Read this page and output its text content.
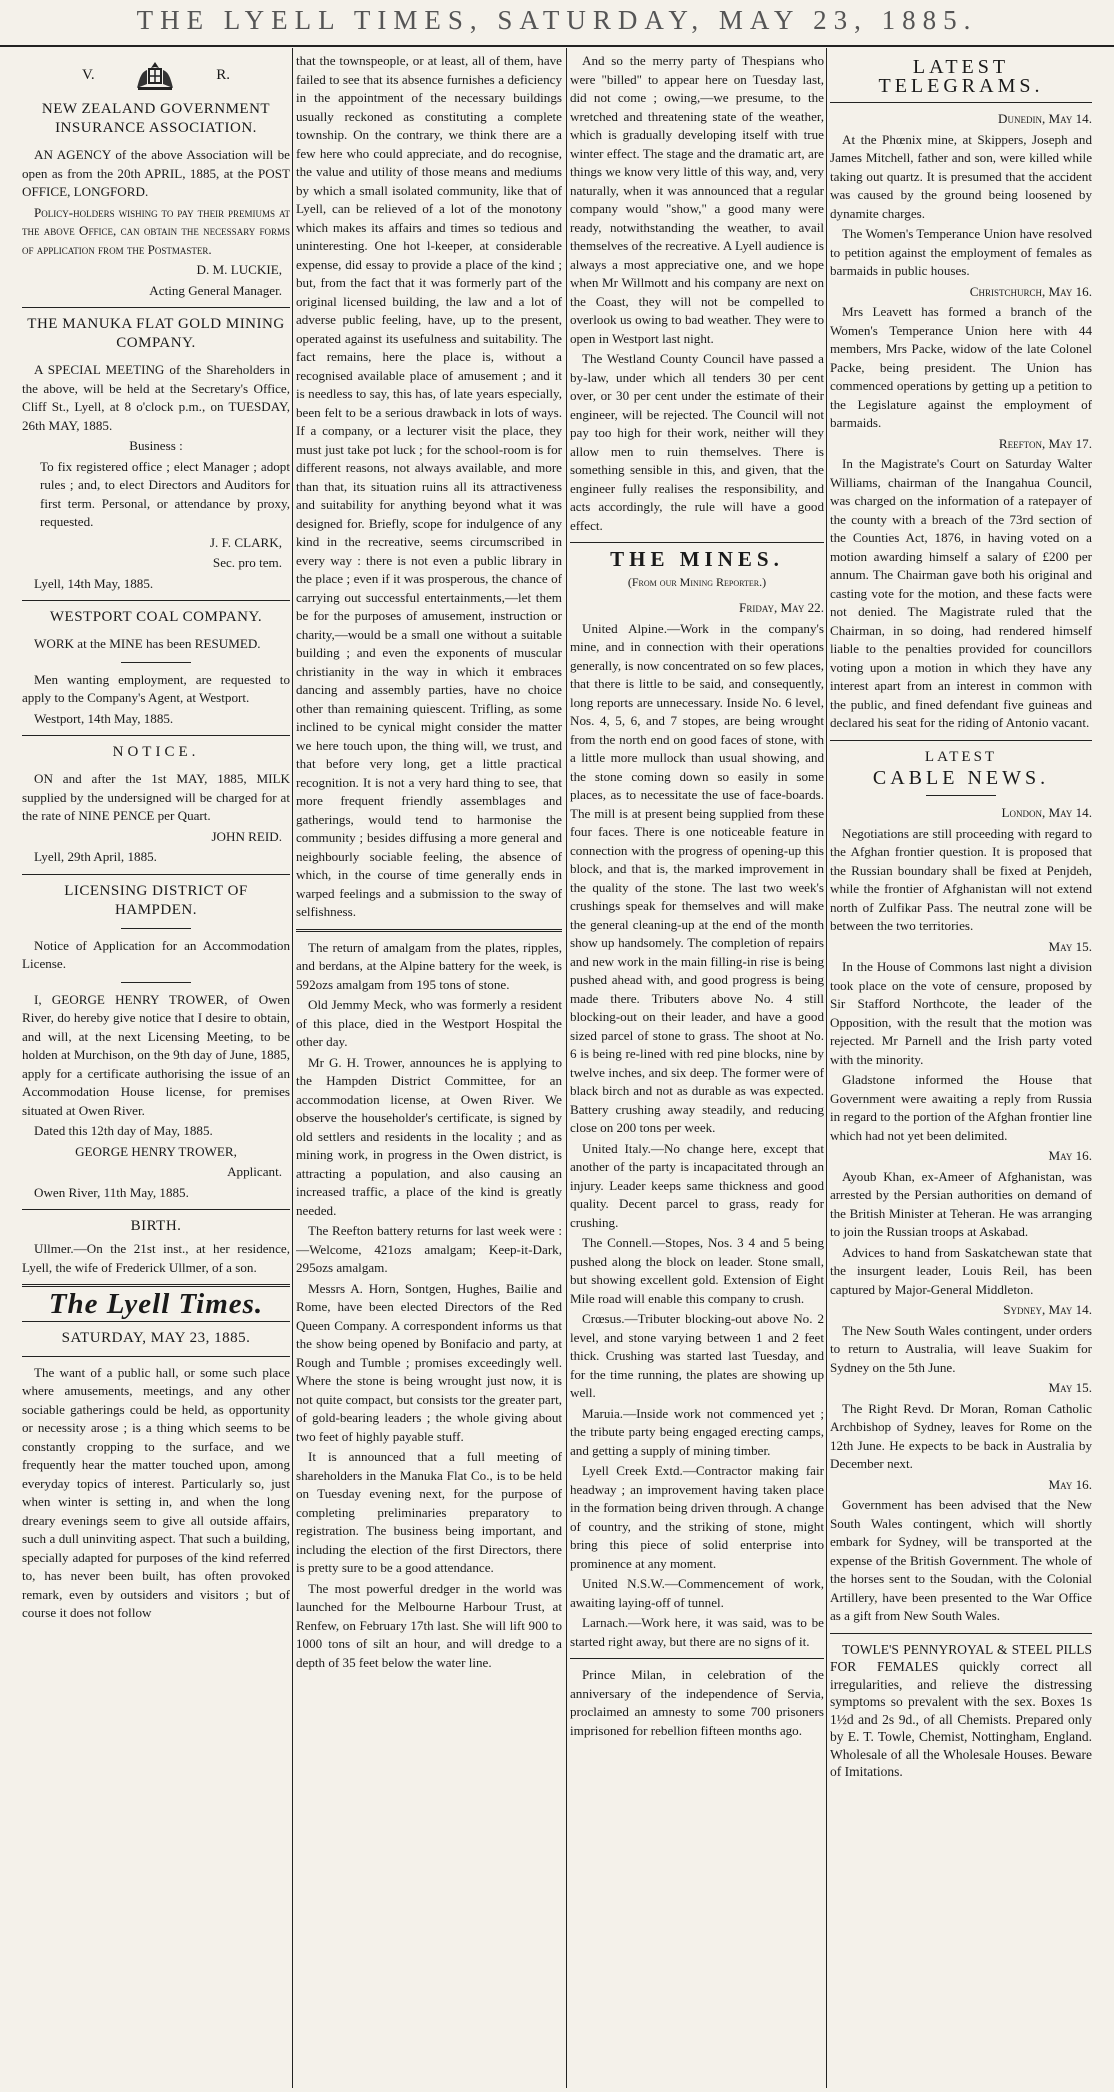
THE LYELL TIMES, SATURDAY, MAY 23, 1885.
V.	R.
NEW ZEALAND GOVERNMENT INSURANCE ASSOCIATION.

AN AGENCY of the above Association will be open as from the 20th APRIL, 1885, at the POST OFFICE, LONGFORD.

Policy-holders wishing to pay their premiums at the above Office, can obtain the necessary forms of application from the Postmaster.

D. M. LUCKIE,

Acting General Manager.

THE MANUKA FLAT GOLD MINING COMPANY.

A SPECIAL MEETING of the Shareholders in the above, will be held at the Secretary's Office, Cliff St., Lyell, at 8 o'clock p.m., on TUESDAY, 26th MAY, 1885.

Business :

To fix registered office ; elect Manager ; adopt rules ; and, to elect Directors and Auditors for first term. Personal, or attendance by proxy, requested.

J. F. CLARK,

Sec. pro tem.

Lyell, 14th May, 1885.

WESTPORT COAL COMPANY.

WORK at the MINE has been RESUMED.

Men wanting employment, are requested to apply to the Company's Agent, at Westport.

Westport, 14th May, 1885.

NOTICE.

ON and after the 1st MAY, 1885, MILK supplied by the undersigned will be charged for at the rate of NINE PENCE per Quart.

JOHN REID.

Lyell, 29th April, 1885.

LICENSING DISTRICT OF HAMPDEN.

Notice of Application for an Accommodation License.

I, GEORGE HENRY TROWER, of Owen River, do hereby give notice that I desire to obtain, and will, at the next Licensing Meeting, to be holden at Murchison, on the 9th day of June, 1885, apply for a certificate authorising the issue of an Accommodation House license, for premises situated at Owen River.

Dated this 12th day of May, 1885.

GEORGE HENRY TROWER,

Applicant.

Owen River, 11th May, 1885.

BIRTH.

Ullmer.—On the 21st inst., at her residence, Lyell, the wife of Frederick Ullmer, of a son.

The Lyell Times.
SATURDAY, MAY 23, 1885.

The want of a public hall, or some such place where amusements, meetings, and any other sociable gatherings could be held, as opportunity or necessity arose ; is a thing which seems to be constantly cropping to the surface, and we frequently hear the matter touched upon, among everyday topics of interest. Particularly so, just when winter is setting in, and when the long dreary evenings seem to give all outside affairs, such a dull uninviting aspect. That such a building, specially adapted for purposes of the kind referred to, has never been built, has often provoked remark, even by outsiders and visitors ; but of course it does not follow

that the townspeople, or at least, all of them, have failed to see that its absence furnishes a deficiency in the appointment of the necessary buildings usually reckoned as constituting a complete township. On the contrary, we think there are a few here who could appreciate, and do recognise, the value and utility of those means and mediums by which a small isolated community, like that of Lyell, can be relieved of a lot of the monotony which makes its affairs and times so tedious and uninteresting. One hot l-keeper, at considerable expense, did essay to provide a place of the kind ; but, from the fact that it was formerly part of the original licensed building, the law and a lot of adverse public feeling, have, up to the present, operated against its usefulness and suitability. The fact remains, here the place is, without a recognised available place of amusement ; and it is needless to say, this has, of late years especially, been felt to be a serious drawback in lots of ways. If a company, or a lecturer visit the place, they must just take pot luck ; for the school-room is for different reasons, not always available, and more than that, its situation ruins all its attractiveness and suitability for anything beyond what it was designed for. Briefly, scope for indulgence of any kind in the recreative, seems circumscribed in every way : there is not even a public library in the place ; even if it was prosperous, the chance of carrying out successful entertainments,—let them be for the purposes of amusement, instruction or charity,—would be a small one without a suitable building ; and even the exponents of muscular christianity in the way in which it embraces dancing and assembly parties, have no choice other than remaining quiescent. Trifling, as some inclined to be cynical might consider the matter we here touch upon, the thing will, we trust, and that before very long, get a little practical recognition. It is not a very hard thing to see, that more frequent friendly assemblages and gatherings, would tend to harmonise the community ; besides diffusing a more general and neighbourly sociable feeling, the absence of which, in the course of time generally ends in warped feelings and a submission to the sway of selfishness.

The return of amalgam from the plates, ripples, and berdans, at the Alpine battery for the week, is 592ozs amalgam from 195 tons of stone.

Old Jemmy Meck, who was formerly a resident of this place, died in the Westport Hospital the other day.

Mr G. H. Trower, announces he is applying to the Hampden District Committee, for an accommodation license, at Owen River. We observe the householder's certificate, is signed by old settlers and residents in the locality ; and as mining work, in progress in the Owen district, is attracting a population, and also causing an increased traffic, a place of the kind is greatly needed.

The Reefton battery returns for last week were :—Welcome, 421ozs amalgam; Keep-it-Dark, 295ozs amalgam.

Messrs A. Horn, Sontgen, Hughes, Bailie and Rome, have been elected Directors of the Red Queen Company. A correspondent informs us that the show being opened by Bonifacio and party, at Rough and Tumble ; promises exceedingly well. Where the stone is being wrought just now, it is not quite compact, but consists tor the greater part, of gold-bearing leaders ; the whole giving about two feet of highly payable stuff.

It is announced that a full meeting of shareholders in the Manuka Flat Co., is to be held on Tuesday evening next, for the purpose of completing preliminaries preparatory to registration. The business being important, and including the election of the first Directors, there is pretty sure to be a good attendance.

The most powerful dredger in the world was launched for the Melbourne Harbour Trust, at Renfew, on February 17th last. She will lift 900 to 1000 tons of silt an hour, and will dredge to a depth of 35 feet below the water line.

And so the merry party of Thespians who were "billed" to appear here on Tuesday last, did not come ; owing,—we presume, to the wretched and threatening state of the weather, which is gradually developing itself with true winter effect. The stage and the dramatic art, are things we know very little of this way, and, very naturally, when it was announced that a regular company would "show," a good many were ready, notwithstanding the weather, to avail themselves of the recreative. A Lyell audience is always a most appreciative one, and we hope when Mr Willmott and his company are next on the Coast, they will not be compelled to overlook us owing to bad weather. They were to open in Westport last night.

The Westland County Council have passed a by-law, under which all tenders 30 per cent over, or 30 per cent under the estimate of their engineer, will be rejected. The Council will not pay too high for their work, neither will they allow men to ruin themselves. There is something sensible in this, and given, that the engineer fully realises the responsibility, and acts accordingly, the rule will have a good effect.

THE MINES.
(From our Mining Reporter.)

Friday, May 22.

United Alpine.—Work in the company's mine, and in connection with their operations generally, is now concentrated on so few places, that there is little to be said, and consequently, long reports are unnecessary. Inside No. 6 level, Nos. 4, 5, 6, and 7 stopes, are being wrought from the north end on good faces of stone, with a little more mullock than usual showing, and the stone coming down so easily in some places, as to necessitate the use of face-boards. The mill is at present being supplied from these four faces. There is one noticeable feature in connection with the progress of opening-up this block, and that is, the marked improvement in the quality of the stone. The last two week's crushings speak for themselves and will make the general cleaning-up at the end of the month show up handsomely. The completion of repairs and new work in the main filling-in rise is being pushed ahead with, and good progress is being made there. Tributers above No. 4 still blocking-out on their leader, and have a good sized parcel of stone to grass. The shoot at No. 6 is being re-lined with red pine blocks, nine by twelve inches, and six deep. The former were of black birch and not as durable as was expected. Battery crushing away steadily, and reducing close on 200 tons per week.

United Italy.—No change here, except that another of the party is incapacitated through an injury. Leader keeps same thickness and good quality. Decent parcel to grass, ready for crushing.

The Connell.—Stopes, Nos. 3 4 and 5 being pushed along the block on leader. Stone small, but showing excellent gold. Extension of Eight Mile road will enable this company to crush.

Crœsus.—Tributer blocking-out above No. 2 level, and stone varying between 1 and 2 feet thick. Crushing was started last Tuesday, and for the time running, the plates are showing up well.

Maruia.—Inside work not commenced yet ; the tribute party being engaged erecting camps, and getting a supply of mining timber.

Lyell Creek Extd.—Contractor making fair headway ; an improvement having taken place in the formation being driven through. A change of country, and the striking of stone, might bring this piece of solid enterprise into prominence at any moment.

United N.S.W.—Commencement of work, awaiting laying-off of tunnel.

Larnach.—Work here, it was said, was to be started right away, but there are no signs of it.

Prince Milan, in celebration of the anniversary of the independence of Servia, proclaimed an amnesty to some 700 prisoners imprisoned for rebellion fifteen months ago.

LATEST TELEGRAMS.

Dunedin, May 14.

At the Phœnix mine, at Skippers, Joseph and James Mitchell, father and son, were killed while taking out quartz. It is presumed that the accident was caused by the ground being loosened by dynamite charges.

The Women's Temperance Union have resolved to petition against the employment of females as barmaids in public houses.

Christchurch, May 16.

Mrs Leavett has formed a branch of the Women's Temperance Union here with 44 members, Mrs Packe, widow of the late Colonel Packe, being president. The Union has commenced operations by getting up a petition to the Legislature against the employment of barmaids.

Reefton, May 17.

In the Magistrate's Court on Saturday Walter Williams, chairman of the Inangahua Council, was charged on the information of a ratepayer of the county with a breach of the 73rd section of the Counties Act, 1876, in having voted on a motion awarding himself a salary of £200 per annum. The Chairman gave both his original and casting vote for the motion, and these facts were not denied. The Magistrate ruled that the Chairman, in so doing, had rendered himself liable to the penalties provided for councillors voting upon a motion in which they have any interest apart from an interest in common with the public, and fined defendant five guineas and declared his seat for the riding of Antonio vacant.

LATEST
CABLE NEWS.

London, May 14.

Negotiations are still proceeding with regard to the Afghan frontier question. It is proposed that the Russian boundary shall be fixed at Penjdeh, while the frontier of Afghanistan will not extend north of Zulfikar Pass. The neutral zone will be between the two territories.

May 15.

In the House of Commons last night a division took place on the vote of censure, proposed by Sir Stafford Northcote, the leader of the Opposition, with the result that the motion was rejected. Mr Parnell and the Irish party voted with the minority.

Gladstone informed the House that Government were awaiting a reply from Russia in regard to the portion of the Afghan frontier line which had not yet been delimited.

May 16.

Ayoub Khan, ex-Ameer of Afghanistan, was arrested by the Persian authorities on demand of the British Minister at Teheran. He was arranging to join the Russian troops at Askabad.

Advices to hand from Saskatchewan state that the insurgent leader, Louis Reil, has been captured by Major-General Middleton.

Sydney, May 14.

The New South Wales contingent, under orders to return to Australia, will leave Suakim for Sydney on the 5th June.

May 15.

The Right Revd. Dr Moran, Roman Catholic Archbishop of Sydney, leaves for Rome on the 12th June. He expects to be back in Australia by December next.

May 16.

Government has been advised that the New South Wales contingent, which will shortly embark for Sydney, will be transported at the expense of the British Government. The whole of the horses sent to the Soudan, with the Colonial Artillery, have been presented to the War Office as a gift from New South Wales.

TOWLE'S PENNYROYAL & STEEL PILLS FOR FEMALES quickly correct all irregularities, and relieve the distressing symptoms so prevalent with the sex. Boxes 1s 1½d and 2s 9d., of all Chemists. Prepared only by E. T. Towle, Chemist, Nottingham, England. Wholesale of all the Wholesale Houses. Beware of Imitations.
